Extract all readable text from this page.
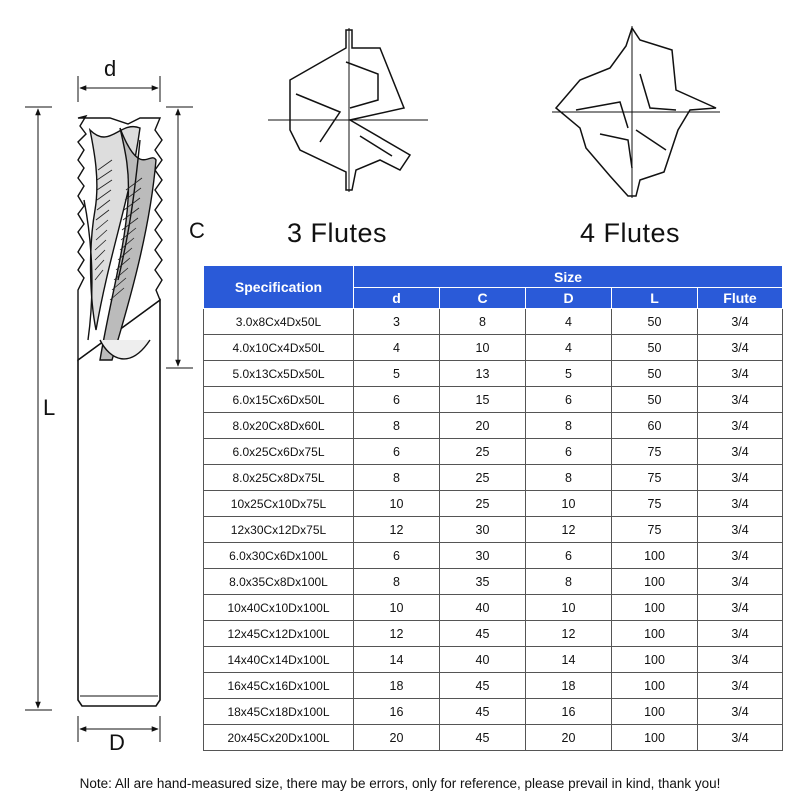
d
C
L
D
3 Flutes	4 Flutes
Specification	Size				
	d	C	D	L	Flute
3.0x8Cx4Dx50L	3	8	4	50	3/4
4.0x10Cx4Dx50L	4	10	4	50	3/4
5.0x13Cx5Dx50L	5	13	5	50	3/4
6.0x15Cx6Dx50L	6	15	6	50	3/4
8.0x20Cx8Dx60L	8	20	8	60	3/4
6.0x25Cx6Dx75L	6	25	6	75	3/4
8.0x25Cx8Dx75L	8	25	8	75	3/4
10x25Cx10Dx75L	10	25	10	75	3/4
12x30Cx12Dx75L	12	30	12	75	3/4
6.0x30Cx6Dx100L	6	30	6	100	3/4
8.0x35Cx8Dx100L	8	35	8	100	3/4
10x40Cx10Dx100L	10	40	10	100	3/4
12x45Cx12Dx100L	12	45	12	100	3/4
14x40Cx14Dx100L	14	40	14	100	3/4
16x45Cx16Dx100L	18	45	18	100	3/4
18x45Cx18Dx100L	16	45	16	100	3/4
20x45Cx20Dx100L	20	45	20	100	3/4
Note: All are hand-measured size, there may be errors, only for reference, please prevail in kind, thank you!
